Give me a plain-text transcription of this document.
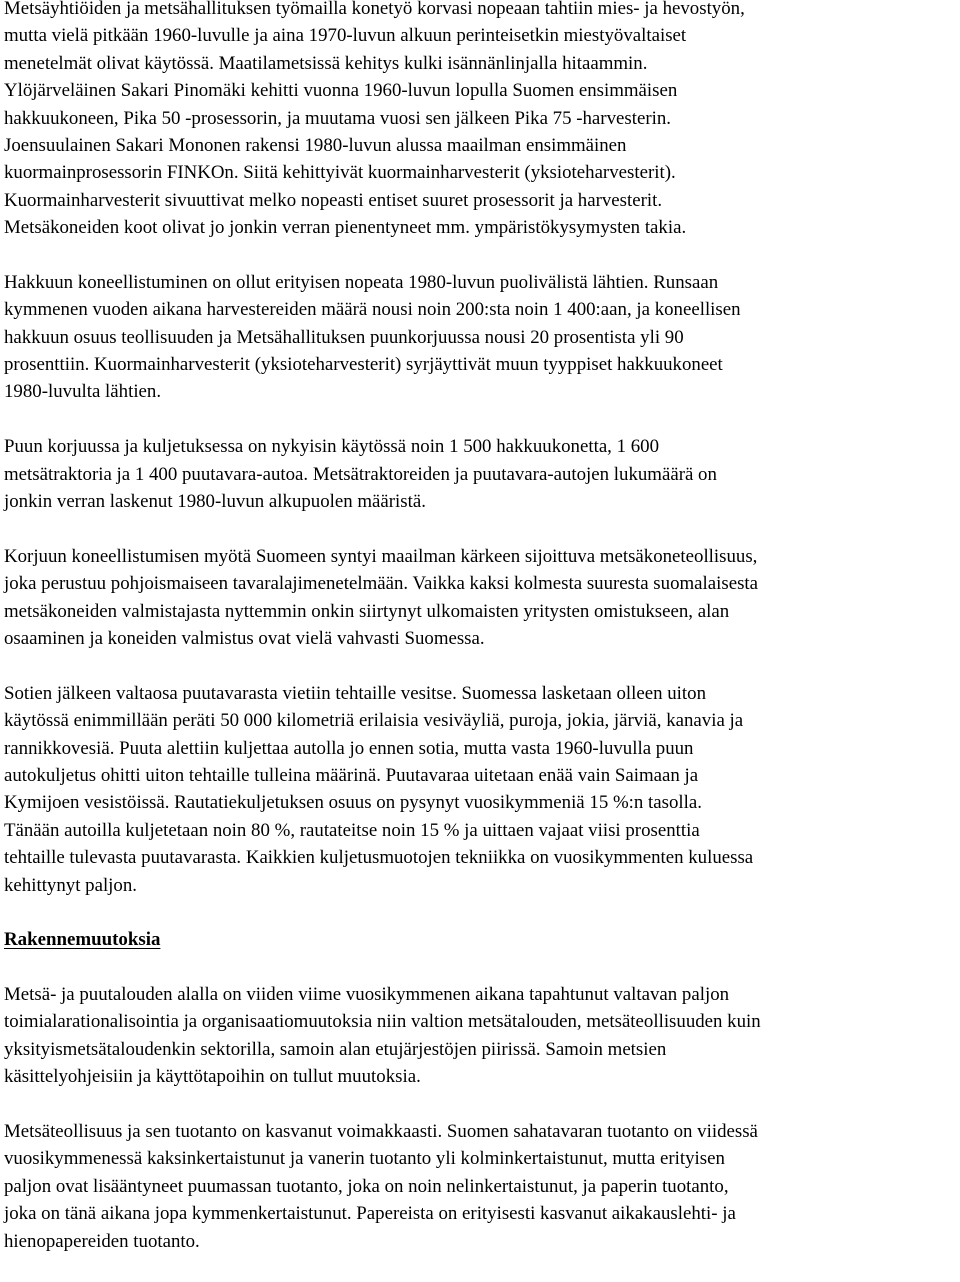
Metsäyhtiöiden ja metsähallituksen työmailla konetyö korvasi nopeaan tahtiin mies- ja hevostyön,
mutta vielä pitkään 1960-luvulle ja aina 1970-luvun alkuun perinteisetkin miestyövaltaiset
menetelmät olivat käytössä. Maatilametsissä kehitys kulki isännänlinjalla hitaammin.
Ylöjärveläinen Sakari Pinomäki kehitti vuonna 1960-luvun lopulla Suomen ensimmäisen
hakkuukoneen, Pika 50 -prosessorin, ja muutama vuosi sen jälkeen Pika 75 -harvesterin.
Joensuulainen Sakari Mononen rakensi 1980-luvun alussa maailman ensimmäinen
kuormainprosessorin FINKOn. Siitä kehittyivät kuormainharvesterit (yksioteharvesterit).
Kuormainharvesterit sivuuttivat melko nopeasti entiset suuret prosessorit ja harvesterit.
Metsäkoneiden koot olivat jo jonkin verran pienentyneet mm. ympäristökysymysten takia.
Hakkuun koneellistuminen on ollut erityisen nopeata 1980-luvun puolivälistä lähtien. Runsaan
kymmenen vuoden aikana harvestereiden määrä nousi noin 200:sta noin 1 400:aan, ja koneellisen
hakkuun osuus teollisuuden ja Metsähallituksen puunkorjuussa nousi 20 prosentista yli 90
prosenttiin. Kuormainharvesterit (yksioteharvesterit) syrjäyttivät muun tyyppiset hakkuukoneet
1980-luvulta lähtien.
Puun korjuussa ja kuljetuksessa on nykyisin käytössä noin 1 500 hakkuukonetta, 1 600
metsätraktoria ja 1 400 puutavara-autoa. Metsätraktoreiden ja puutavara-autojen lukumäärä on
jonkin verran laskenut 1980-luvun alkupuolen määristä.
Korjuun koneellistumisen myötä Suomeen syntyi maailman kärkeen sijoittuva metsäkoneteollisuus,
joka perustuu pohjoismaiseen tavaralajimenetelmään. Vaikka kaksi kolmesta suuresta suomalaisesta
metsäkoneiden valmistajasta nyttemmin onkin siirtynyt ulkomaisten yritysten omistukseen, alan
osaaminen ja koneiden valmistus ovat vielä vahvasti Suomessa.
Sotien jälkeen valtaosa puutavarasta vietiin tehtaille vesitse. Suomessa lasketaan olleen uiton
käytössä enimmillään peräti 50 000 kilometriä erilaisia vesiväyliä, puroja, jokia, järviä, kanavia ja
rannikkovesiä. Puuta alettiin kuljettaa autolla jo ennen sotia, mutta vasta 1960-luvulla puun
autokuljetus ohitti uiton tehtaille tulleina määrinä. Puutavaraa uitetaan enää vain Saimaan ja
Kymijoen vesistöissä. Rautatiekuljetuksen osuus on pysynyt vuosikymmeniä 15 %:n tasolla.
Tänään autoilla kuljetetaan noin 80 %, rautateitse noin 15 % ja uittaen vajaat viisi prosenttia
tehtaille tulevasta puutavarasta. Kaikkien kuljetusmuotojen tekniikka on vuosikymmenten kuluessa
kehittynyt paljon.
Rakennemuutoksia
Metsä- ja puutalouden alalla on viiden viime vuosikymmenen aikana tapahtunut valtavan paljon
toimialarationalisointia ja organisaatiomuutoksia niin valtion metsätalouden, metsäteollisuuden kuin
yksityismetsätaloudenkin sektorilla, samoin alan etujärjestöjen piirissä. Samoin metsien
käsittelyohjeisiin ja käyttötapoihin on tullut muutoksia.
Metsäteollisuus ja sen tuotanto on kasvanut voimakkaasti. Suomen sahatavaran tuotanto on viidessä
vuosikymmenessä kaksinkertaistunut ja vanerin tuotanto yli kolminkertaistunut, mutta erityisen
paljon ovat lisääntyneet puumassan tuotanto, joka on noin nelinkertaistunut, ja paperin tuotanto,
joka on tänä aikana jopa kymmenkertaistunut. Papereista on erityisesti kasvanut aikakauslehti- ja
hienopapereiden tuotanto.
